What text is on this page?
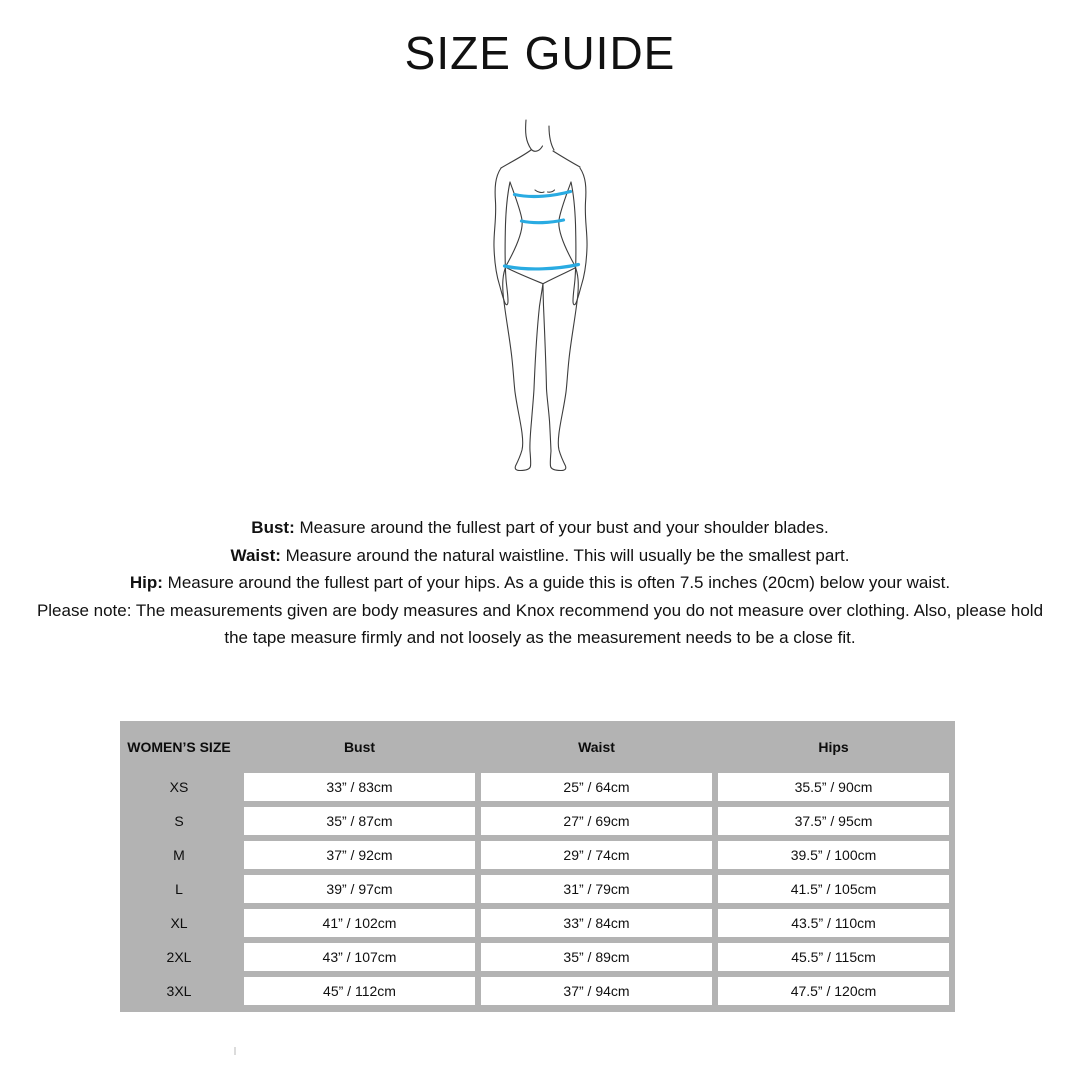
SIZE GUIDE

Bust: Measure around the fullest part of your bust and your shoulder blades.

Waist: Measure around the natural waistline. This will usually be the smallest part.

Hip: Measure around the fullest part of your hips. As a guide this is often 7.5 inches (20cm) below your waist.

Please note: The measurements given are body measures and Knox recommend you do not measure over clothing. Also, please hold the tape measure firmly and not loosely as the measurement needs to be a close fit.

WOMEN’S SIZE	Bust	Waist	Hips
XS	33” / 83cm	25” / 64cm	35.5” / 90cm
S	35” / 87cm	27” / 69cm	37.5” / 95cm
M	37” / 92cm	29” / 74cm	39.5” / 100cm
L	39” / 97cm	31” / 79cm	41.5” / 105cm
XL	41” / 102cm	33” / 84cm	43.5” / 110cm
2XL	43” / 107cm	35” / 89cm	45.5” / 115cm
3XL	45” / 112cm	37” / 94cm	47.5” / 120cm
